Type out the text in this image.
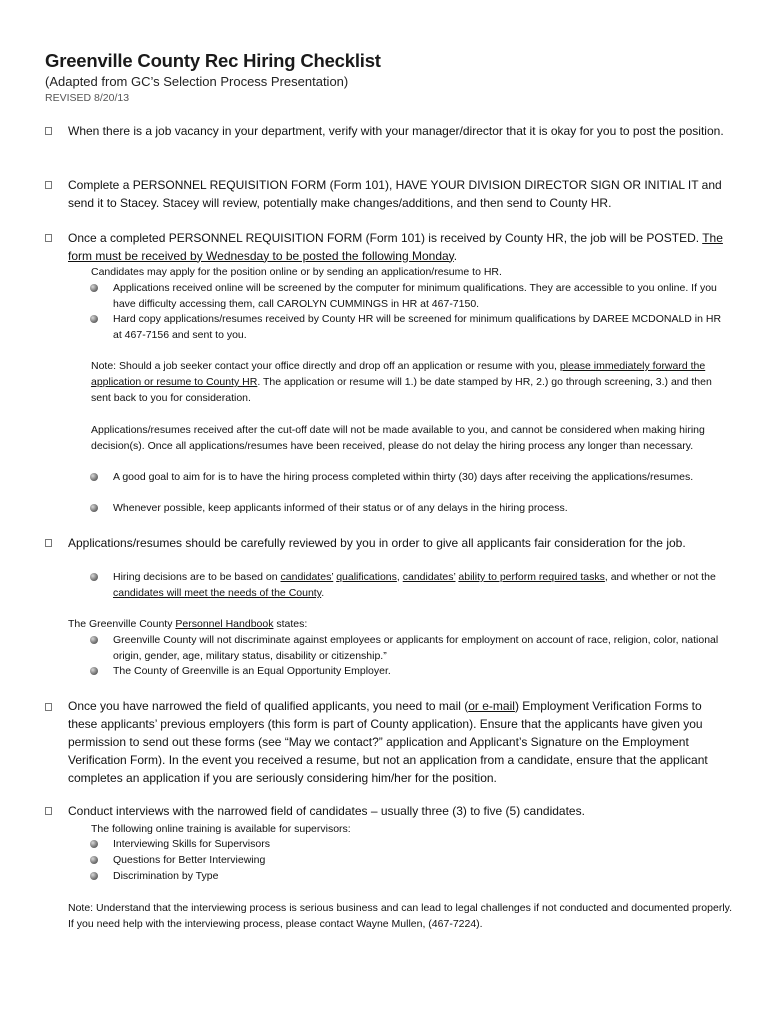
Greenville County Rec Hiring Checklist
(Adapted from GC’s Selection Process Presentation)
REVISED 8/20/13
When there is a job vacancy in your department, verify with your manager/director that it is okay for you to post the position.
Complete a PERSONNEL REQUISITION FORM (Form 101), HAVE YOUR DIVISION DIRECTOR SIGN OR INITIAL IT and send it to Stacey. Stacey will review, potentially make changes/additions, and then send to County HR.
Once a completed PERSONNEL REQUISITION FORM (Form 101) is received by County HR, the job will be POSTED. The form must be received by Wednesday to be posted the following Monday.
Candidates may apply for the position online or by sending an application/resume to HR.
Applications received online will be screened by the computer for minimum qualifications. They are accessible to you online. If you have difficulty accessing them, call CAROLYN CUMMINGS in HR at 467-7150.
Hard copy applications/resumes received by County HR will be screened for minimum qualifications by DAREE MCDONALD in HR at 467-7156 and sent to you.
Note: Should a job seeker contact your office directly and drop off an application or resume with you, please immediately forward the application or resume to County HR. The application or resume will 1.) be date stamped by HR, 2.) go through screening, 3.) and then sent back to you for consideration.
Applications/resumes received after the cut-off date will not be made available to you, and cannot be considered when making hiring decision(s). Once all applications/resumes have been received, please do not delay the hiring process any longer than necessary.
A good goal to aim for is to have the hiring process completed within thirty (30) days after receiving the applications/resumes.
Whenever possible, keep applicants informed of their status or of any delays in the hiring process.
Applications/resumes should be carefully reviewed by you in order to give all applicants fair consideration for the job.
Hiring decisions are to be based on candidates’ qualifications, candidates’ ability to perform required tasks, and whether or not the candidates will meet the needs of the County.
The Greenville County Personnel Handbook states:
Greenville County will not discriminate against employees or applicants for employment on account of race, religion, color, national origin, gender, age, military status, disability or citizenship.”
The County of Greenville is an Equal Opportunity Employer.
Once you have narrowed the field of qualified applicants, you need to mail (or e-mail) Employment Verification Forms to these applicants’ previous employers (this form is part of County application). Ensure that the applicants have given you permission to send out these forms (see “May we contact?” application and Applicant’s Signature on the Employment Verification Form). In the event you received a resume, but not an application from a candidate, ensure that the applicant completes an application if you are seriously considering him/her for the position.
Conduct interviews with the narrowed field of candidates – usually three (3) to five (5) candidates.
The following online training is available for supervisors:
Interviewing Skills for Supervisors
Questions for Better Interviewing
Discrimination by Type
Note: Understand that the interviewing process is serious business and can lead to legal challenges if not conducted and documented properly. If you need help with the interviewing process, please contact Wayne Mullen, (467-7224).
